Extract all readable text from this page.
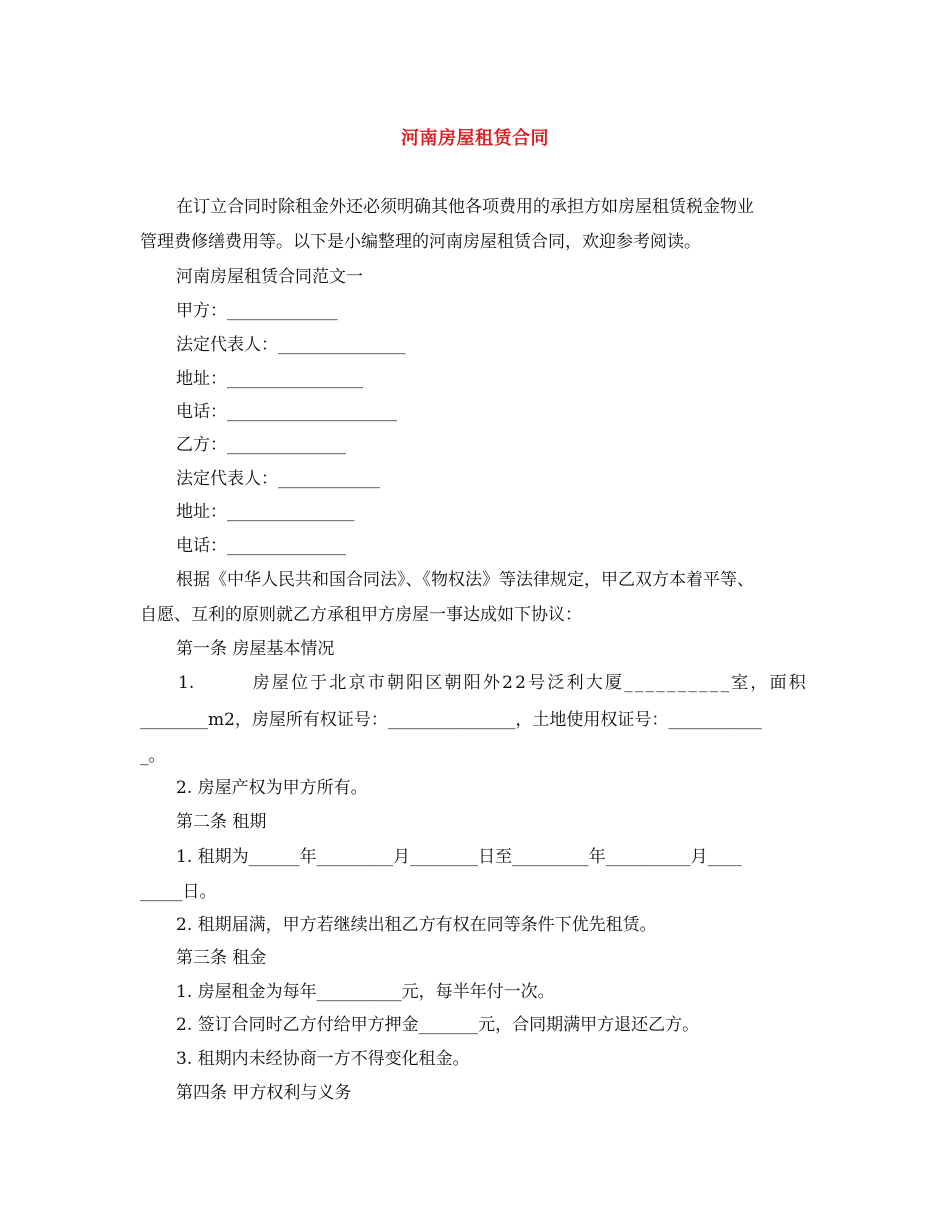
河南房屋租赁合同
在订立合同时除租金外还必须明确其他各项费用的承担方如房屋租赁税金物业
管理费修缮费用等。以下是小编整理的河南房屋租赁合同，欢迎参考阅读。
河南房屋租赁合同范文一
甲方：_____________
法定代表人：_______________
地址：________________
电话：____________________
乙方：______________
法定代表人：____________
地址：_______________
电话：______________
根据《中华人民共和国合同法》、《物权法》等法律规定，甲乙双方本着平等、
自愿、互利的原则就乙方承租甲方房屋一事达成如下协议：
第一条 房屋基本情况
1.	房屋位于北京市朝阳区朝阳外22号泛利大厦__________室，面积
________m2，房屋所有权证号：_______________，土地使用权证号：___________
_。
2. 房屋产权为甲方所有。
第二条 租期
1. 租期为______年_________月________日至_________年__________月____
_____日。
2. 租期届满，甲方若继续出租乙方有权在同等条件下优先租赁。
第三条 租金
1. 房屋租金为每年__________元，每半年付一次。
2. 签订合同时乙方付给甲方押金_______元，合同期满甲方退还乙方。
3. 租期内未经协商一方不得变化租金。
第四条 甲方权利与义务
